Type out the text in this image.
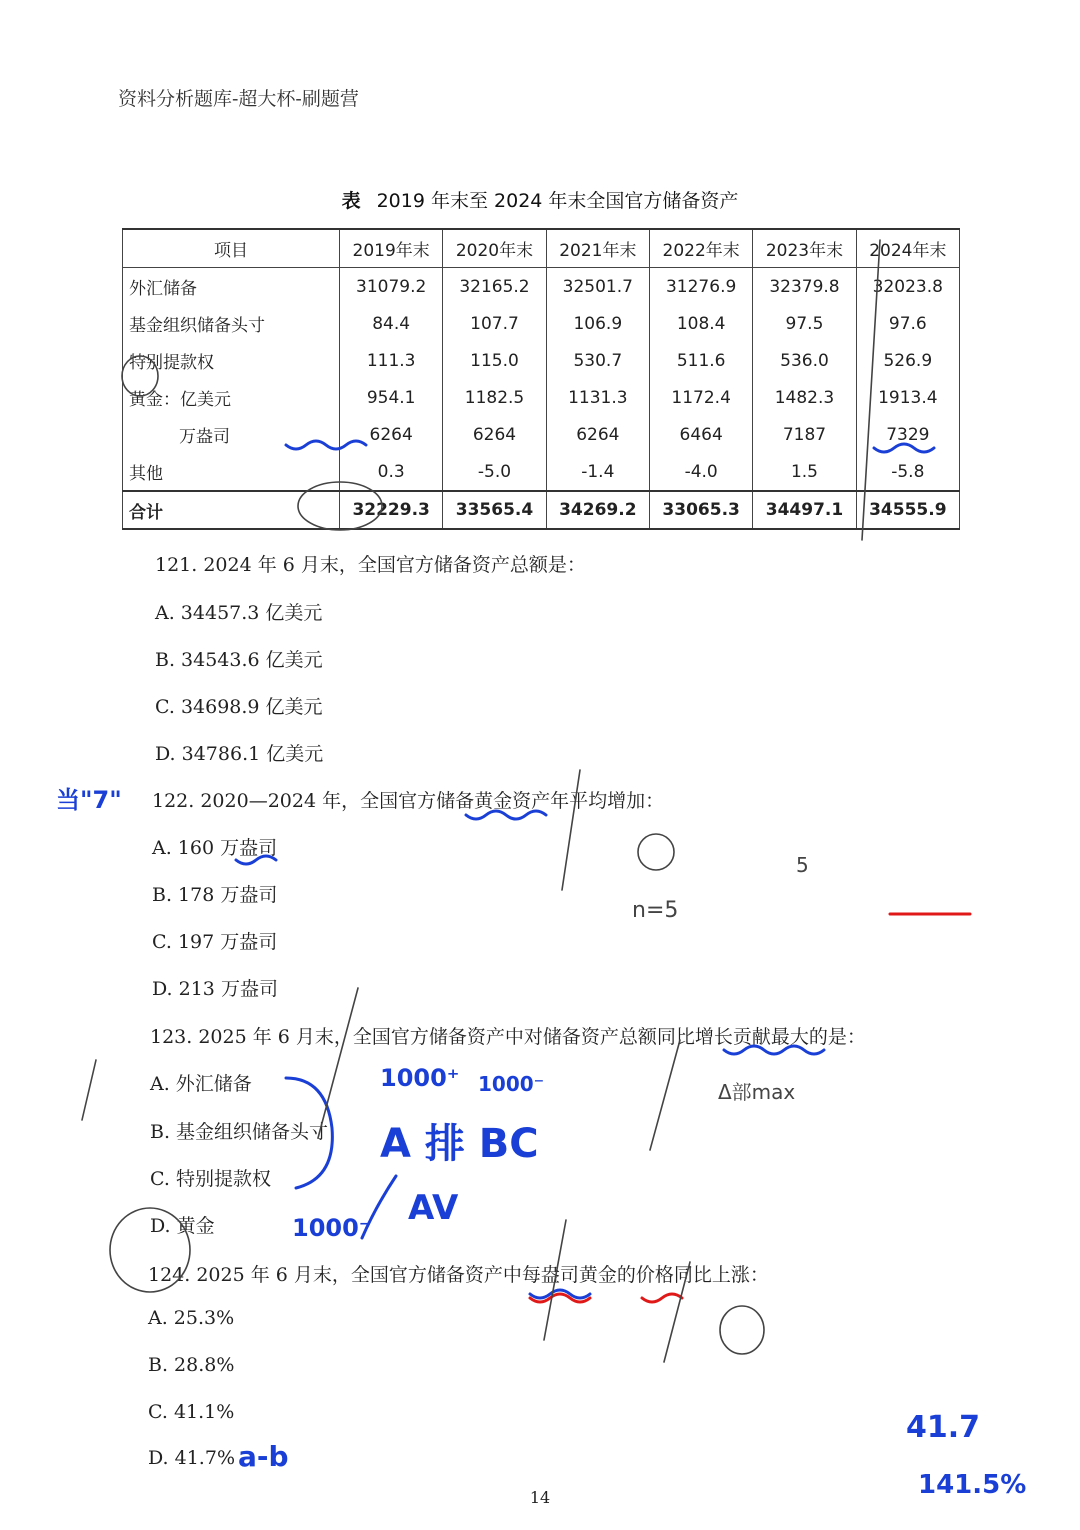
资料分析题库-超大杯-刷题营
表 2019 年末至 2024 年末全国官方储备资产
项目	2019年末	2020年末	2021年末	2022年末	2023年末	2024年末
外汇储备	31079.2	32165.2	32501.7	31276.9	32379.8	32023.8
基金组织储备头寸	84.4	107.7	106.9	108.4	97.5	97.6
特别提款权	111.3	115.0	530.7	511.6	536.0	526.9
黄金：亿美元	954.1	1182.5	1131.3	1172.4	1482.3	1913.4
万盎司	6264	6264	6264	6464	7187	7329
其他	0.3	-5.0	-1.4	-4.0	1.5	-5.8
合计	32229.3	33565.4	34269.2	33065.3	34497.1	34555.9
121. 2024 年 6 月末，全国官方储备资产总额是：
A. 34457.3 亿美元
B. 34543.6 亿美元
C. 34698.9 亿美元
D. 34786.1 亿美元
122. 2020—2024 年，全国官方储备黄金资产年平均增加：
A. 160 万盎司
B. 178 万盎司
C. 197 万盎司
D. 213 万盎司
123. 2025 年 6 月末，全国官方储备资产中对储备资产总额同比增长贡献最大的是：
A. 外汇储备
B. 基金组织储备头寸
C. 特别提款权
D. 黄金
124. 2025 年 6 月末，全国官方储备资产中每盎司黄金的价格同比上涨：
A. 25.3%
B. 28.8%
C. 41.1%
D. 41.7%
14
当"7"
n=5
5
Δ部max
1000⁺ 1000⁻
A 排 BC
AV
1000⁻
a-b
41.7
141.5%
